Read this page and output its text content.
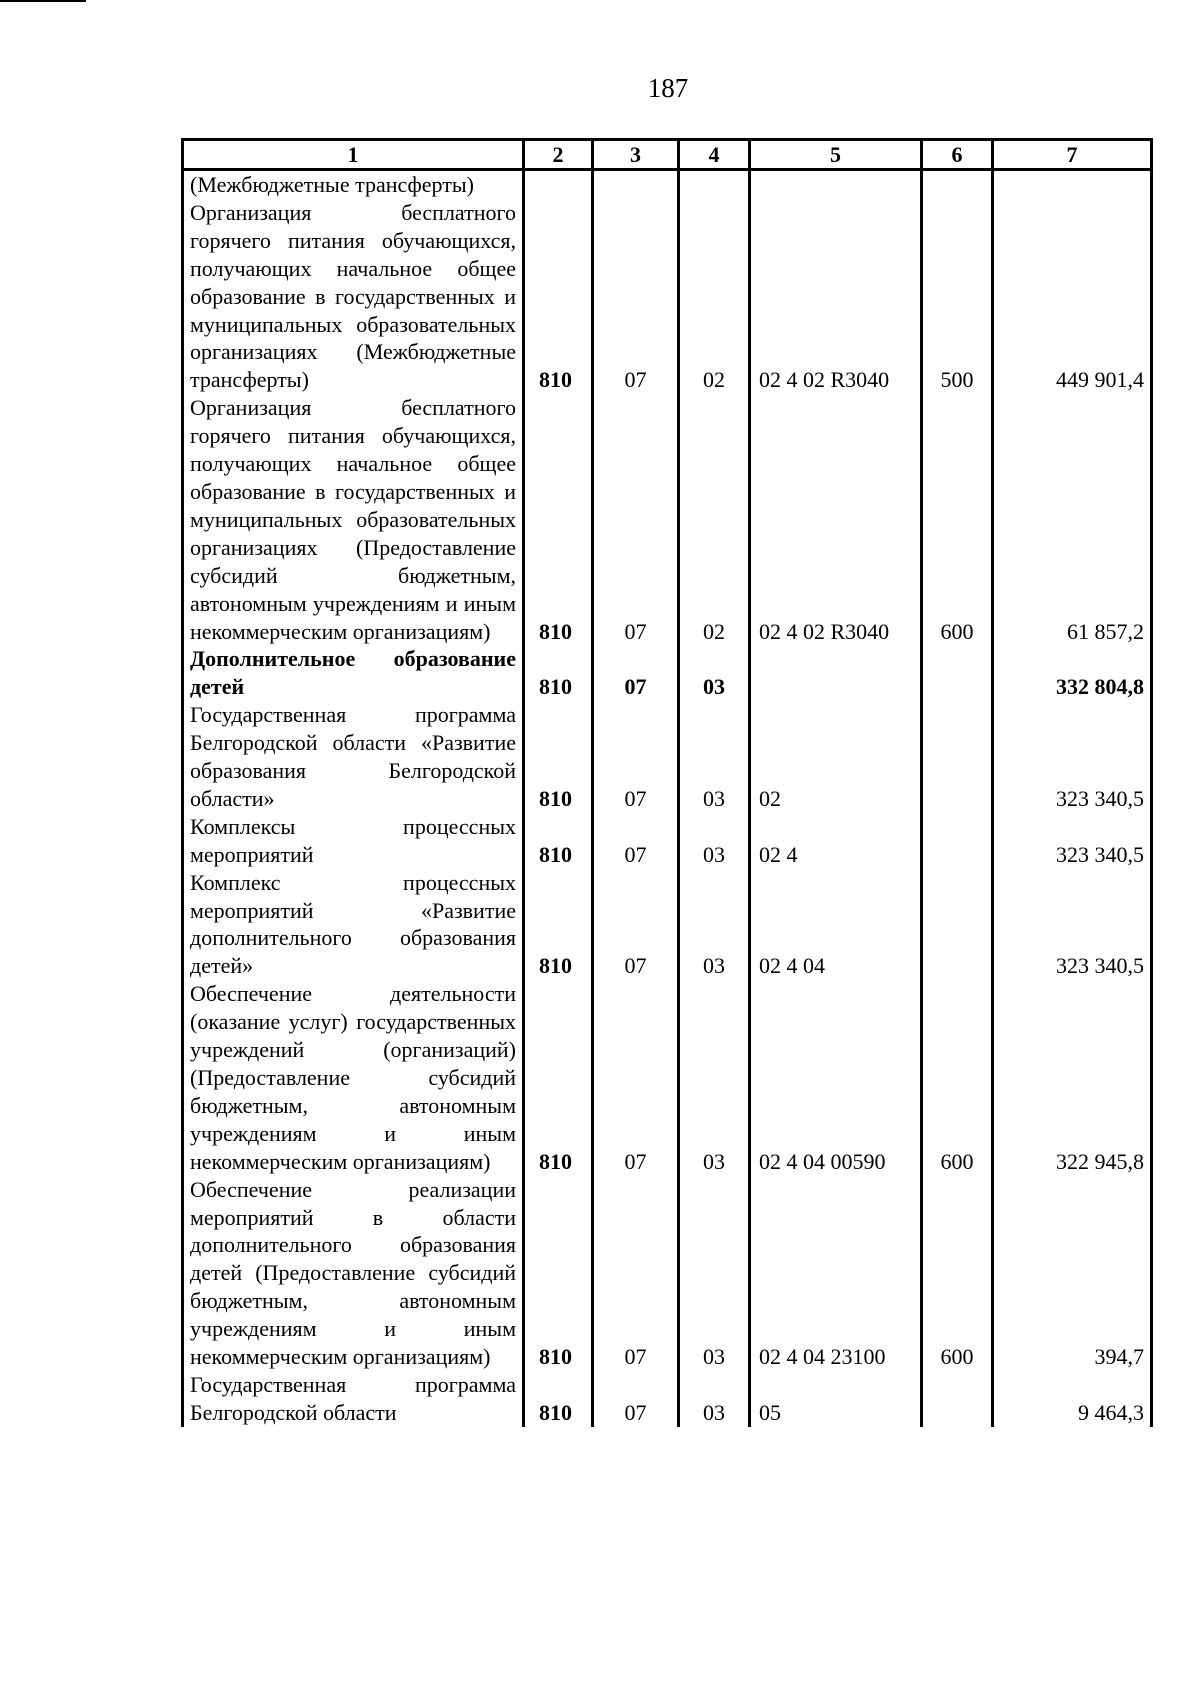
187
1	2	3	4	5	6	7
(Межбюджетные трансферты)						
Организация бесплатного горячего питания обучающихся, получающих начальное общее образование в государственных и муниципальных образовательных организациях (Межбюджетные трансферты)	810	07	02	02 4 02 R3040	500	449 901,4
Организация бесплатного горячего питания обучающихся, получающих начальное общее образование в государственных и муниципальных образовательных организациях (Предоставление субсидий бюджетным, автономным учреждениям и иным некоммерческим организациям)	810	07	02	02 4 02 R3040	600	61 857,2
Дополнительное образование детей	810	07	03			332 804,8
Государственная программа Белгородской области «Развитие образования Белгородской области»	810	07	03	02		323 340,5
Комплексы процессных мероприятий	810	07	03	02 4		323 340,5
Комплекс процессных мероприятий «Развитие дополнительного образования детей»	810	07	03	02 4 04		323 340,5
Обеспечение деятельности (оказание услуг) государственных учреждений (организаций) (Предоставление субсидий бюджетным, автономным учреждениям и иным некоммерческим организациям)	810	07	03	02 4 04 00590	600	322 945,8
Обеспечение реализации мероприятий в области дополнительного образования детей (Предоставление субсидий бюджетным, автономным учреждениям и иным некоммерческим организациям)	810	07	03	02 4 04 23100	600	394,7
Государственная программа Белгородской области	810	07	03	05		9 464,3
